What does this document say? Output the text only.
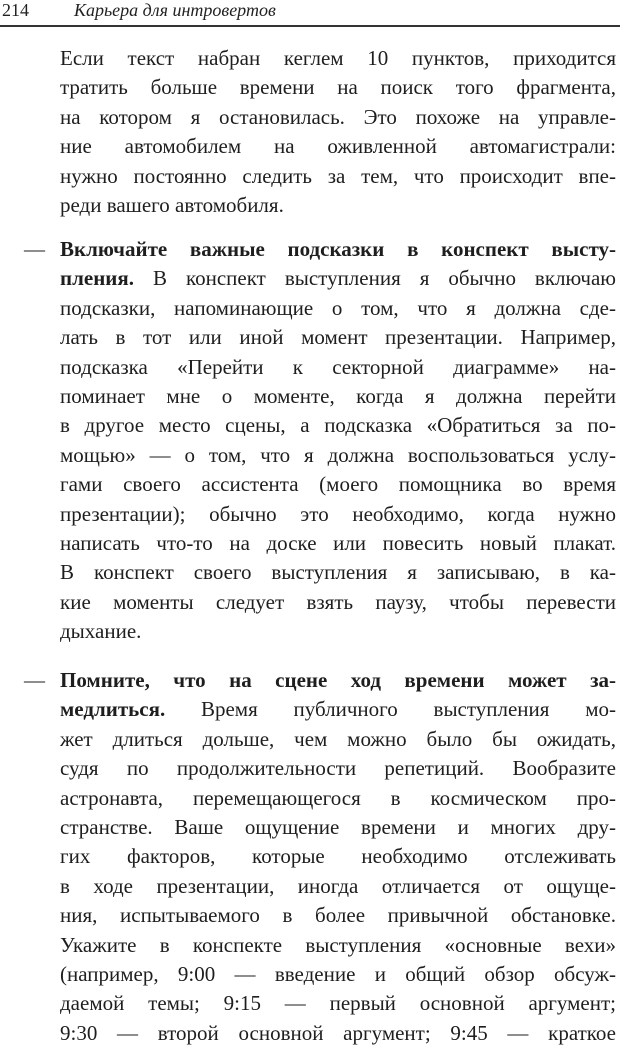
214	Карьера для интровертов
Если текст набран кеглем 10 пунктов, приходится
тратить больше времени на поиск того фрагмента,
на котором я остановилась. Это похоже на управле-
ние автомобилем на оживленной автомагистрали:
нужно постоянно следить за тем, что происходит впе-
реди вашего автомобиля.
— Включайте важные подсказки в конспект высту-
пления. В конспект выступления я обычно включаю
подсказки, напоминающие о том, что я должна сде-
лать в тот или иной момент презентации. Например,
подсказка «Перейти к секторной диаграмме» на-
поминает мне о моменте, когда я должна перейти
в другое место сцены, а подсказка «Обратиться за по-
мощью» — о том, что я должна воспользоваться услу-
гами своего ассистента (моего помощника во время
презентации); обычно это необходимо, когда нужно
написать что-то на доске или повесить новый плакат.
В конспект своего выступления я записываю, в ка-
кие моменты следует взять паузу, чтобы перевести
дыхание.
— Помните, что на сцене ход времени может за-
медлиться. Время публичного выступления мо-
жет длиться дольше, чем можно было бы ожидать,
судя по продолжительности репетиций. Вообразите
астронавта, перемещающегося в космическом про-
странстве. Ваше ощущение времени и многих дру-
гих факторов, которые необходимо отслеживать
в ходе презентации, иногда отличается от ощуще-
ния, испытываемого в более привычной обстановке.
Укажите в конспекте выступления «основные вехи»
(например, 9:00 — введение и общий обзор обсуж-
даемой темы; 9:15 — первый основной аргумент;
9:30 — второй основной аргумент; 9:45 — краткое
